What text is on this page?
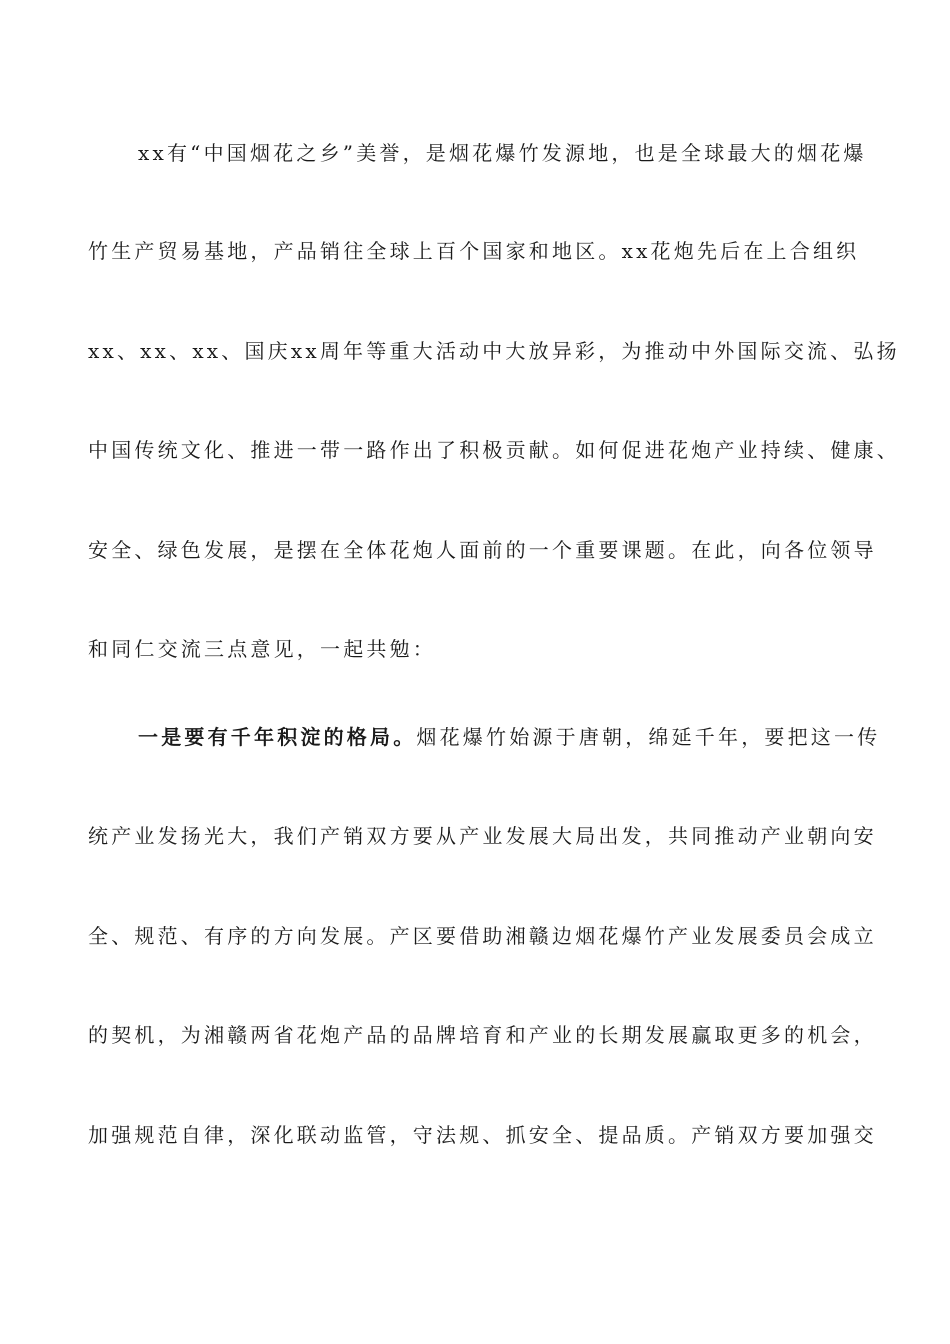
xx有“中国烟花之乡”美誉，是烟花爆竹发源地，也是全球最大的烟花爆
竹生产贸易基地，产品销往全球上百个国家和地区。xx花炮先后在上合组织
xx、xx、xx、国庆xx周年等重大活动中大放异彩，为推动中外国际交流、弘扬
中国传统文化、推进一带一路作出了积极贡献。如何促进花炮产业持续、健康、
安全、绿色发展，是摆在全体花炮人面前的一个重要课题。在此，向各位领导
和同仁交流三点意见，一起共勉：
一是要有千年积淀的格局。烟花爆竹始源于唐朝，绵延千年，要把这一传
统产业发扬光大，我们产销双方要从产业发展大局出发，共同推动产业朝向安
全、规范、有序的方向发展。产区要借助湘赣边烟花爆竹产业发展委员会成立
的契机，为湘赣两省花炮产品的品牌培育和产业的长期发展赢取更多的机会，
加强规范自律，深化联动监管，守法规、抓安全、提品质。产销双方要加强交
